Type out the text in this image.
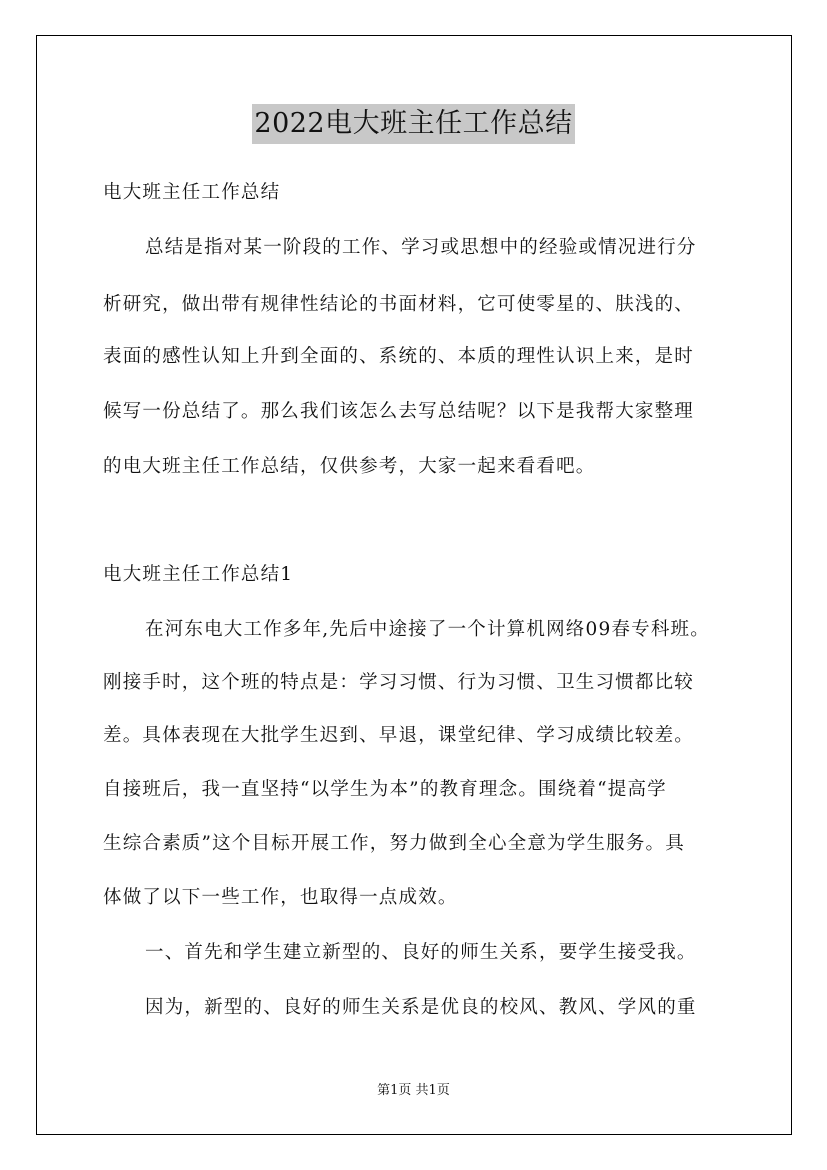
2022电大班主任工作总结

电大班主任工作总结

总结是指对某一阶段的工作、学习或思想中的经验或情况进行分

析研究，做出带有规律性结论的书面材料，它可使零星的、肤浅的、

表面的感性认知上升到全面的、系统的、本质的理性认识上来，是时

候写一份总结了。那么我们该怎么去写总结呢？以下是我帮大家整理

的电大班主任工作总结，仅供参考，大家一起来看看吧。

电大班主任工作总结1

在河东电大工作多年,先后中途接了一个计算机网络09春专科班。

刚接手时，这个班的特点是：学习习惯、行为习惯、卫生习惯都比较

差。具体表现在大批学生迟到、早退，课堂纪律、学习成绩比较差。

自接班后，我一直坚持“以学生为本”的教育理念。围绕着“提高学

生综合素质”这个目标开展工作，努力做到全心全意为学生服务。具

体做了以下一些工作，也取得一点成效。

一、首先和学生建立新型的、良好的师生关系，要学生接受我。

因为，新型的、良好的师生关系是优良的校风、教风、学风的重

第1页 共1页
